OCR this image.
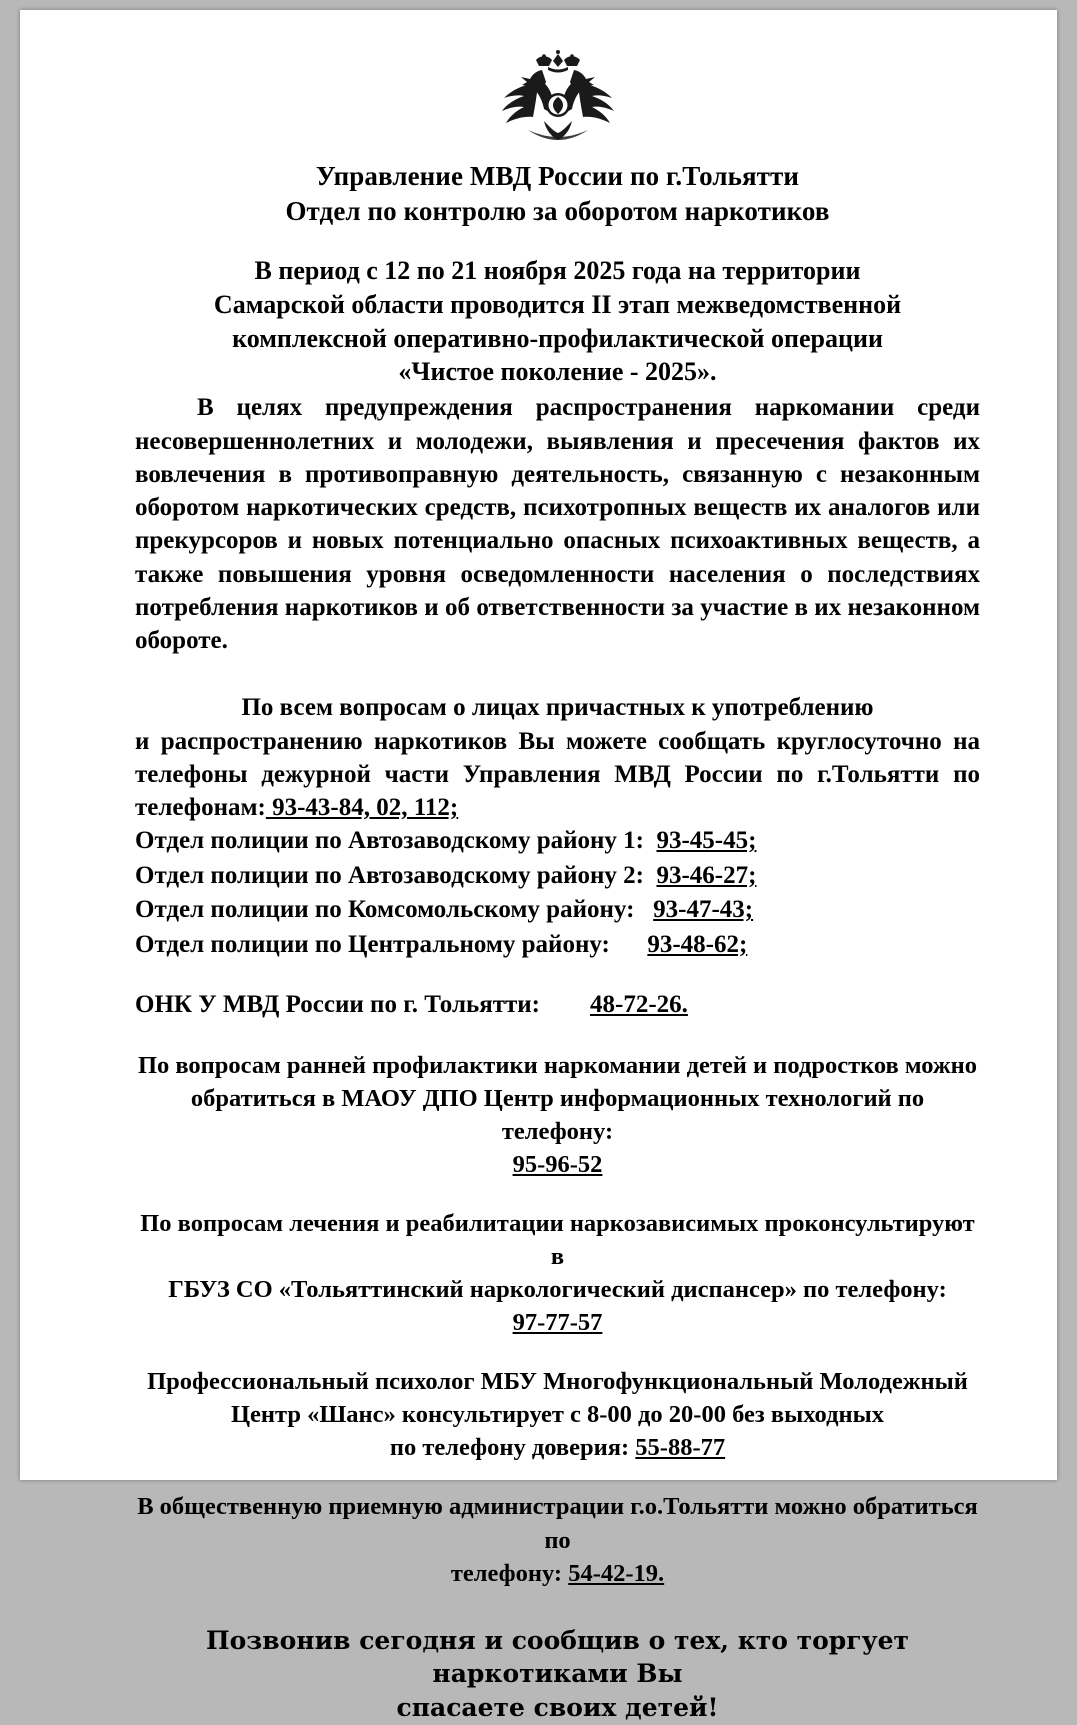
Управление МВД России по г.Тольятти
Отдел по контролю за оборотом наркотиков
В период с 12 по 21 ноября 2025 года на территории
Самарской области проводится II этап межведомственной
комплексной оперативно-профилактической операции
«Чистое поколение - 2025».
В целях предупреждения распространения наркомании среди несовершеннолетних и молодежи, выявления и пресечения фактов их вовлечения в противоправную деятельность, связанную с незаконным оборотом наркотических средств, психотропных веществ их аналогов или прекурсоров и новых потенциально опасных психоактивных веществ, а также повышения уровня осведомленности населения о последствиях потребления наркотиков и об ответственности за участие в их незаконном обороте.
По всем вопросам о лицах причастных к употреблению
и распространению наркотиков Вы можете сообщать круглосуточно на телефоны дежурной части Управления МВД России по г.Тольятти по телефонам: 93-43-84, 02, 112;
Отдел полиции по Автозаводскому району 1: 93-45-45;
Отдел полиции по Автозаводскому району 2: 93-46-27;
Отдел полиции по Комсомольскому району: 93-47-43;
Отдел полиции по Центральному району: 93-48-62;
ОНК У МВД России по г. Тольятти: 48-72-26.
По вопросам ранней профилактики наркомании детей и подростков можно
обратиться в МАОУ ДПО Центр информационных технологий по телефону:
95-96-52
По вопросам лечения и реабилитации наркозависимых проконсультируют в
ГБУЗ СО «Тольяттинский наркологический диспансер» по телефону:
97-77-57
Профессиональный психолог МБУ Многофункциональный Молодежный
Центр «Шанс» консультирует с 8-00 до 20-00 без выходных
по телефону доверия: 55-88-77
В общественную приемную администрации г.о.Тольятти можно обратиться по
телефону: 54-42-19.
Позвонив сегодня и сообщив о тех, кто торгует наркотиками Вы
спасаете своих детей!
